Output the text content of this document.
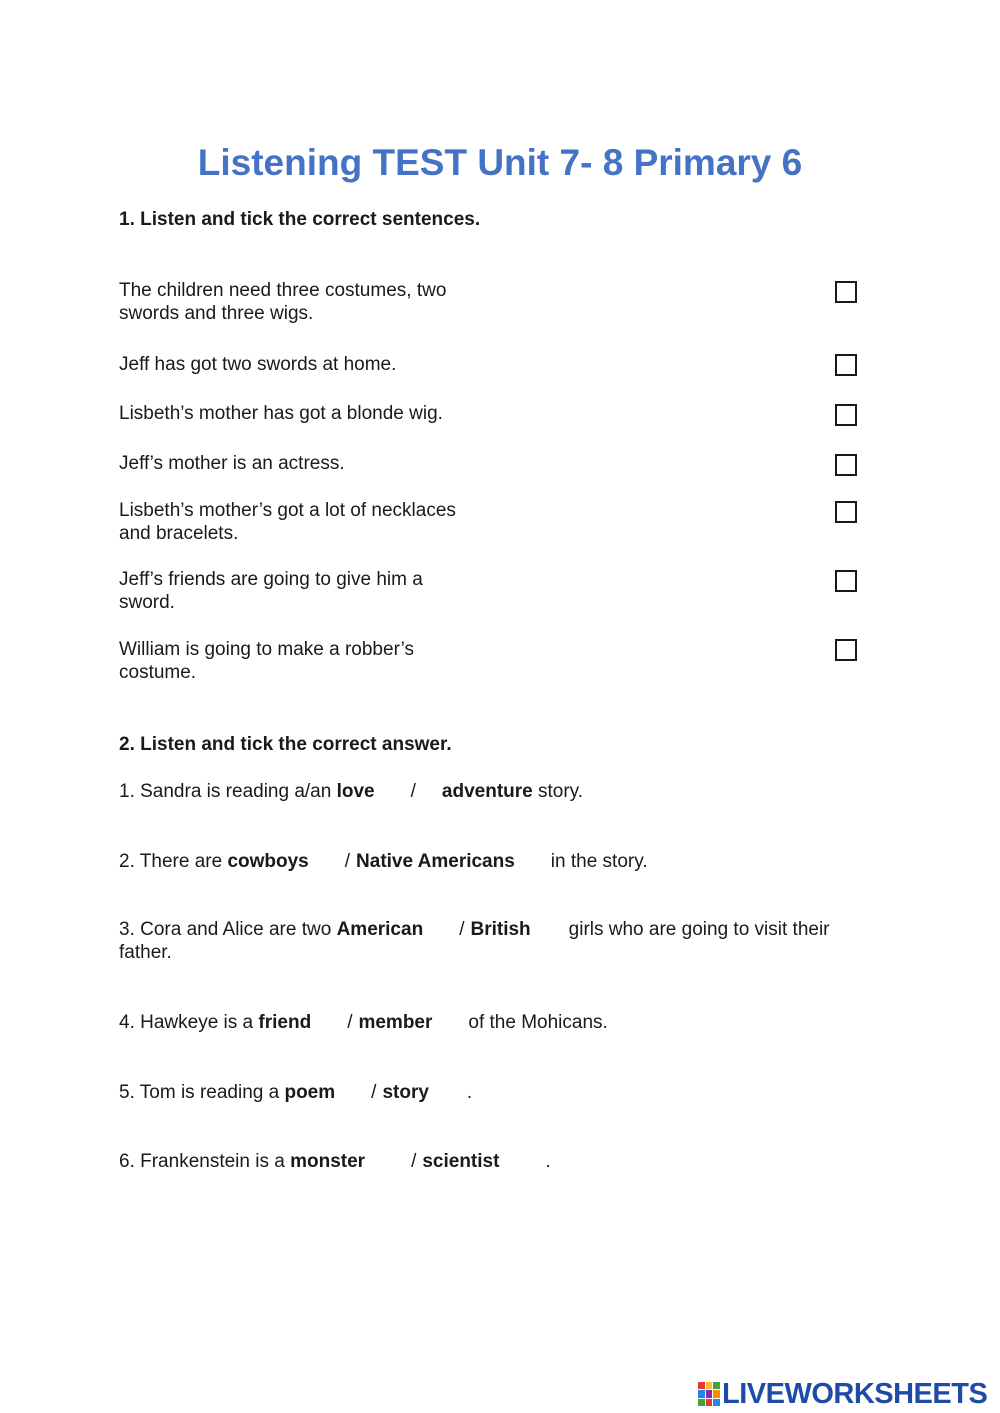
Listening TEST Unit 7- 8 Primary 6
1. Listen and tick the correct sentences.
The children need three costumes, two
swords and three wigs.
Jeff has got two swords at home.
Lisbeth’s mother has got a blonde wig.
Jeff’s mother is an actress.
Lisbeth’s mother’s got a lot of necklaces
and bracelets.
Jeff’s friends are going to give him a
sword.
William is going to make a robber’s
costume.
2. Listen and tick the correct answer.
1. Sandra is reading a/an love / adventure story.
2. There are cowboys / Native Americans in the story.
3. Cora and Alice are two American / British girls who are going to visit their
father.
4. Hawkeye is a friend / member of the Mohicans.
5. Tom is reading a poem / story .
6. Frankenstein is a monster / scientist .
LIVEWORKSHEETS
